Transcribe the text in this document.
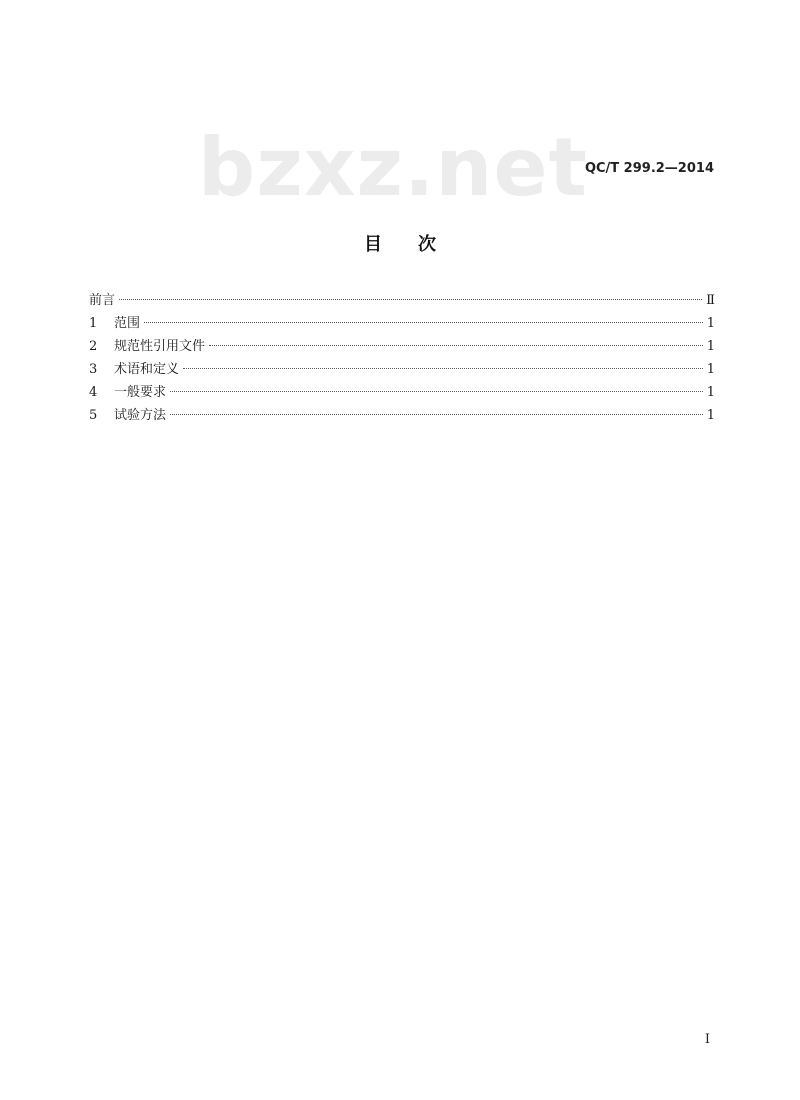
bzxz.net
QC/T 299.2—2014
目 次
前言	Ⅱ
1	范围	1
2	规范性引用文件	1
3	术语和定义	1
4	一般要求	1
5	试验方法	1
I
